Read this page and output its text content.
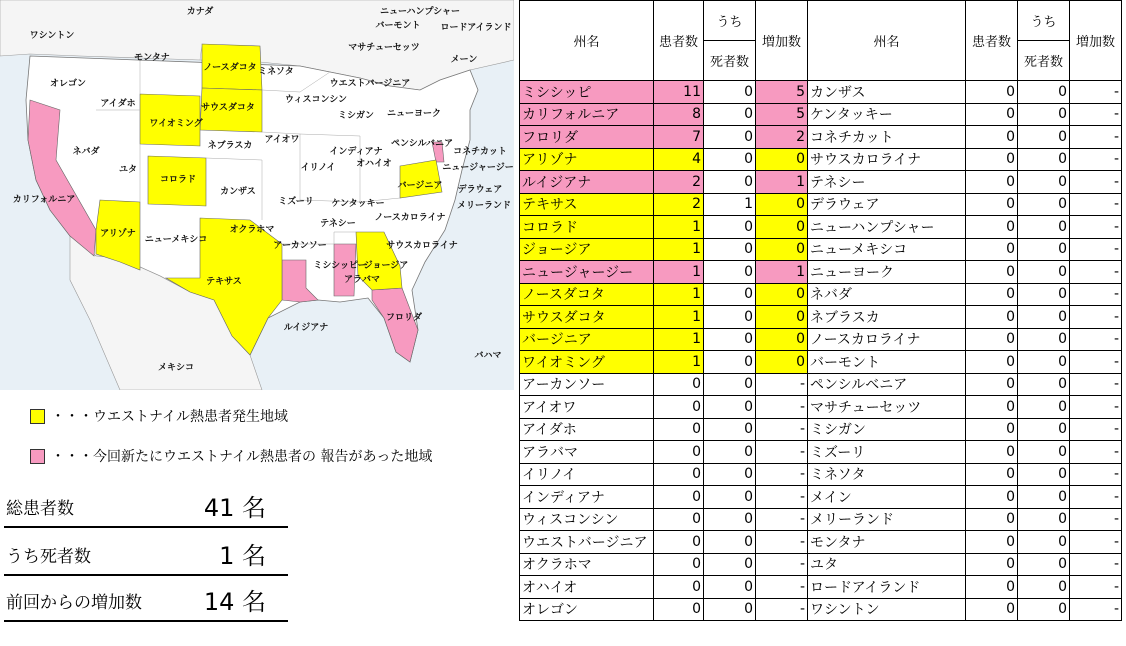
カナダ
ワシントン
モンタナ
ノースダコタ ミネソタ
オレゴン
アイダホ	サウスダコタ
ワイオミング
ネブラスカ
アイオワ
ネバダ
ユタ
コロラド
カンザス
ミズーリ
カリフォルニア
アリゾナ
ニューメキシコ
オクラホマ
アーカンソー
テキサス
ミシシッピー
アラバマ
ジョージア
ルイジアナ
フロリダ
メキシコ
バハマ
ウィスコンシン
ミシガン
イリノイ
インディアナ
オハイオ
テネシー
ケンタッキー
ウエストバージニア
バージニア
ノースカロライナ
サウスカロライナ
ニューヨーク
ペンシルバニア
ニューハンプシャー
バーモント ロードアイランド
マサチューセッツ
メーン
コネチカット
ニュージャージー
デラウェア
メリーランド
・・・ウエストナイル熱患者発生地域
・・・今回新たにウエストナイル熱患者の 報告があった地域
総患者数	41 名
うち死者数	1 名
前回からの増加数	14 名
州名	患者数	うち	増加数	州名	患者数	うち	増加数
		死者数				死者数	
ミシシッピ	11	0	5	カンザス	0	0	-
カリフォルニア	8	0	5	ケンタッキー	0	0	-
フロリダ	7	0	2	コネチカット	0	0	-
アリゾナ	4	0	0	サウスカロライナ	0	0	-
ルイジアナ	2	0	1	テネシー	0	0	-
テキサス	2	1	0	デラウェア	0	0	-
コロラド	1	0	0	ニューハンプシャー	0	0	-
ジョージア	1	0	0	ニューメキシコ	0	0	-
ニュージャージー	1	0	1	ニューヨーク	0	0	-
ノースダコタ	1	0	0	ネバダ	0	0	-
サウスダコタ	1	0	0	ネブラスカ	0	0	-
バージニア	1	0	0	ノースカロライナ	0	0	-
ワイオミング	1	0	0	バーモント	0	0	-
アーカンソー	0	0	-	ペンシルベニア	0	0	-
アイオワ	0	0	-	マサチューセッツ	0	0	-
アイダホ	0	0	-	ミシガン	0	0	-
アラバマ	0	0	-	ミズーリ	0	0	-
イリノイ	0	0	-	ミネソタ	0	0	-
インディアナ	0	0	-	メイン	0	0	-
ウィスコンシン	0	0	-	メリーランド	0	0	-
ウエストバージニア	0	0	-	モンタナ	0	0	-
オクラホマ	0	0	-	ユタ	0	0	-
オハイオ	0	0	-	ロードアイランド	0	0	-
オレゴン	0	0	-	ワシントン	0	0	-
